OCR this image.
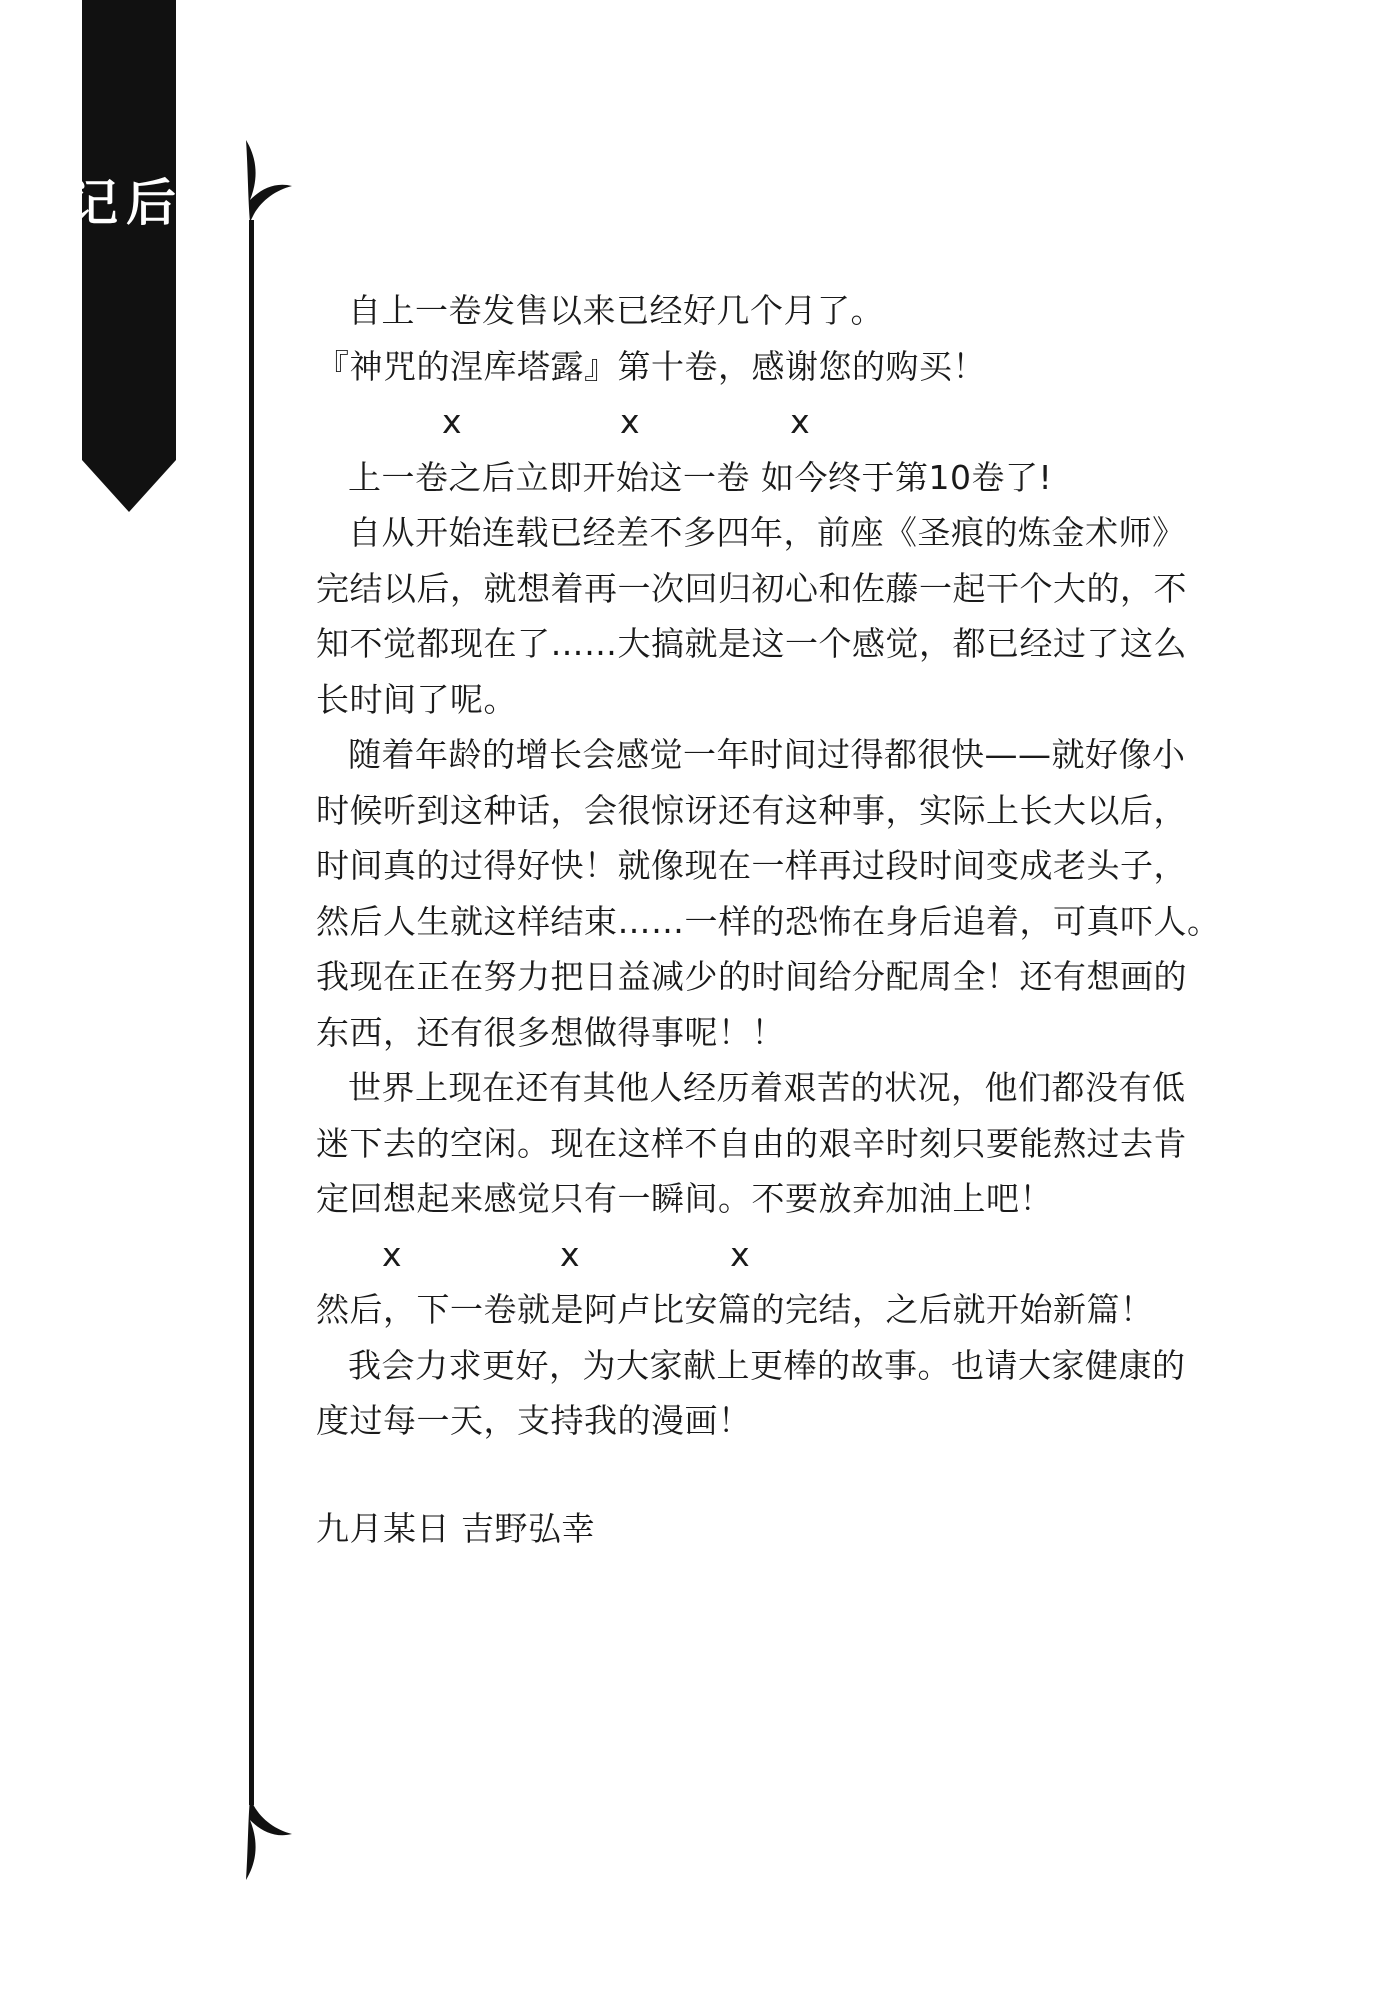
后
记

自上一卷发售以来已经好几个月了。

『神咒的涅库塔露』第十卷，感谢您的购买！

x	x	x

上一卷之后立即开始这一卷 如今终于第10卷了!

自从开始连载已经差不多四年，前座《圣痕的炼金术师》

完结以后，就想着再一次回归初心和佐藤一起干个大的，不

知不觉都现在了……大搞就是这一个感觉，都已经过了这么

长时间了呢。

随着年龄的增长会感觉一年时间过得都很快——就好像小

时候听到这种话，会很惊讶还有这种事，实际上长大以后，

时间真的过得好快！就像现在一样再过段时间变成老头子，

然后人生就这样结束……一样的恐怖在身后追着，可真吓人。

我现在正在努力把日益减少的时间给分配周全！还有想画的

东西，还有很多想做得事呢！！

世界上现在还有其他人经历着艰苦的状况，他们都没有低

迷下去的空闲。现在这样不自由的艰辛时刻只要能熬过去肯

定回想起来感觉只有一瞬间。不要放弃加油上吧！

x	x	x

然后，下一卷就是阿卢比安篇的完结，之后就开始新篇！

我会力求更好，为大家献上更棒的故事。也请大家健康的

度过每一天，支持我的漫画！

九月某日 吉野弘幸
